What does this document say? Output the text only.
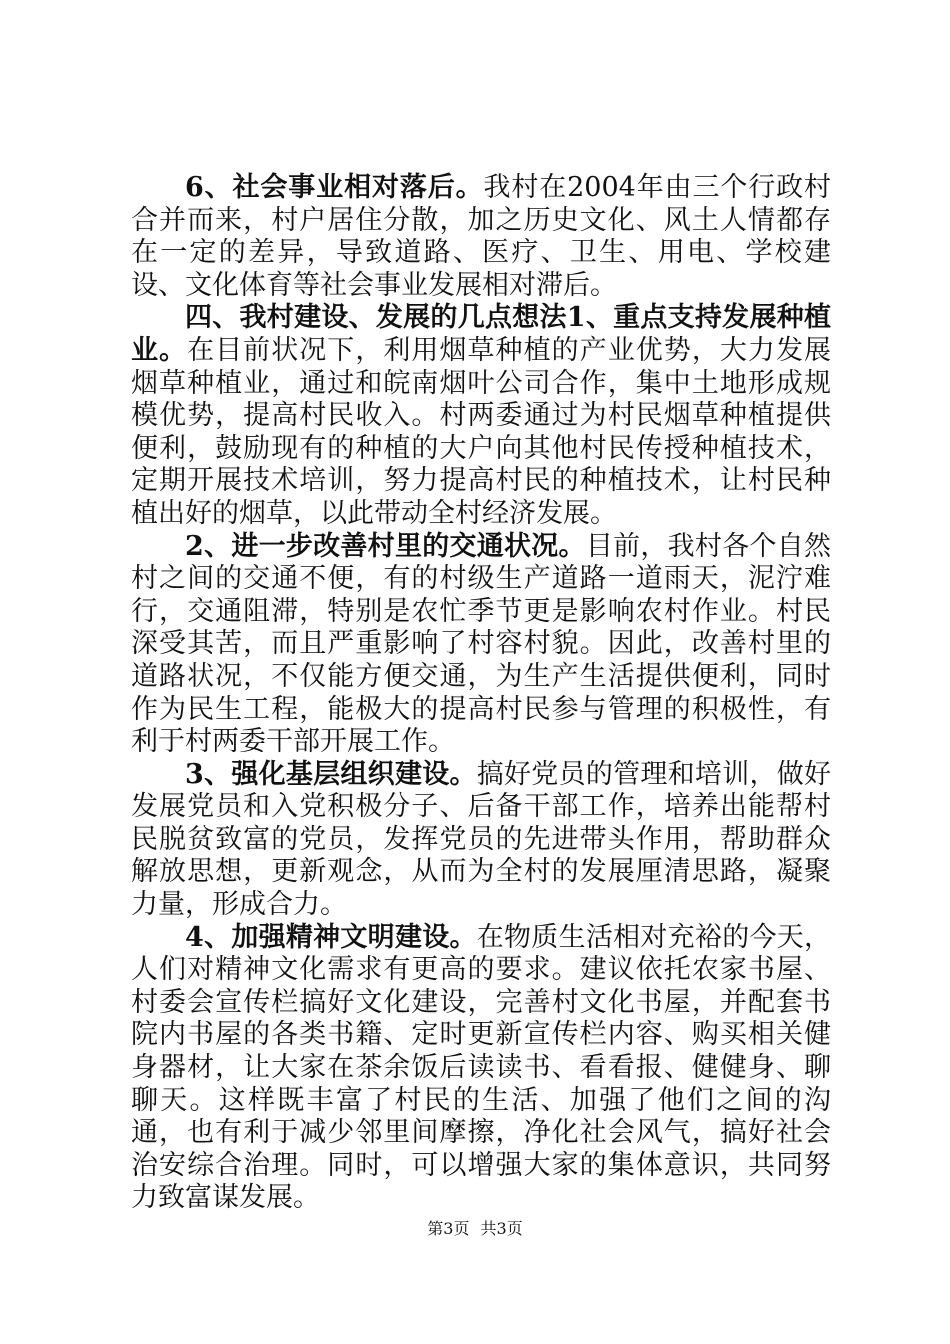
6、社会事业相对落后。我村在2004年由三个行政村合并而来，村户居住分散，加之历史文化、风土人情都存在一定的差异，导致道路、医疗、卫生、用电、学校建设、文化体育等社会事业发展相对滞后。

四、我村建设、发展的几点想法1、重点支持发展种植业。在目前状况下，利用烟草种植的产业优势，大力发展烟草种植业，通过和皖南烟叶公司合作，集中土地形成规模优势，提高村民收入。村两委通过为村民烟草种植提供便利，鼓励现有的种植的大户向其他村民传授种植技术，定期开展技术培训，努力提高村民的种植技术，让村民种植出好的烟草，以此带动全村经济发展。

2、进一步改善村里的交通状况。目前，我村各个自然村之间的交通不便，有的村级生产道路一道雨天，泥泞难行，交通阻滞，特别是农忙季节更是影响农村作业。村民深受其苦，而且严重影响了村容村貌。因此，改善村里的道路状况，不仅能方便交通，为生产生活提供便利，同时作为民生工程，能极大的提高村民参与管理的积极性，有利于村两委干部开展工作。

3、强化基层组织建设。搞好党员的管理和培训，做好发展党员和入党积极分子、后备干部工作，培养出能帮村民脱贫致富的党员，发挥党员的先进带头作用，帮助群众解放思想，更新观念，从而为全村的发展厘清思路，凝聚力量，形成合力。

4、加强精神文明建设。在物质生活相对充裕的今天，人们对精神文化需求有更高的要求。建议依托农家书屋、村委会宣传栏搞好文化建设，完善村文化书屋，并配套书院内书屋的各类书籍、定时更新宣传栏内容、购买相关健身器材，让大家在茶余饭后读读书、看看报、健健身、聊聊天。这样既丰富了村民的生活、加强了他们之间的沟通，也有利于减少邻里间摩擦，净化社会风气，搞好社会治安综合治理。同时，可以增强大家的集体意识，共同努力致富谋发展。

第3页 共3页
